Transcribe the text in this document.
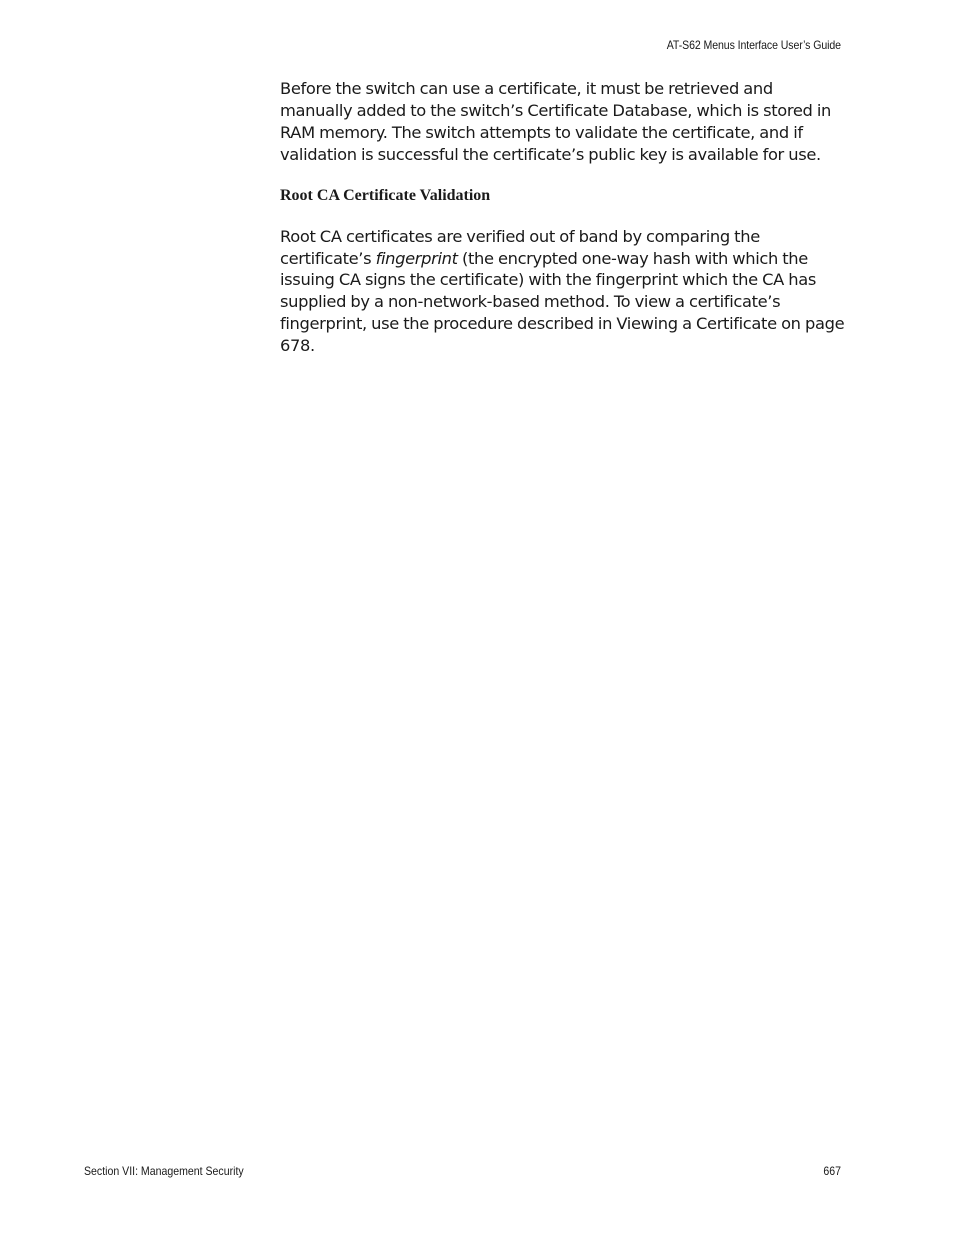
AT-S62 Menus Interface User’s Guide

Before the switch can use a certificate, it must be retrieved and manually added to the switch’s Certificate Database, which is stored in RAM memory. The switch attempts to validate the certificate, and if validation is successful the certificate’s public key is available for use.

Root CA Certificate Validation

Root CA certificates are verified out of band by comparing the certificate’s fingerprint (the encrypted one-way hash with which the issuing CA signs the certificate) with the fingerprint which the CA has supplied by a non-network-based method. To view a certificate’s fingerprint, use the procedure described in Viewing a Certificate on page 678.

Section VII: Management Security	667
